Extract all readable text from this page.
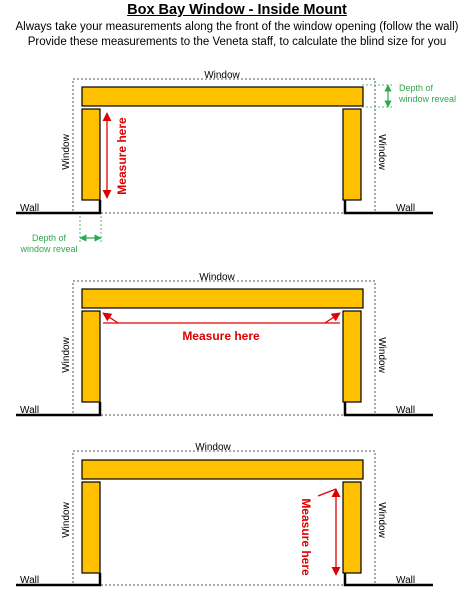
Box Bay Window - Inside Mount
Always take your measurements along the front of the window opening (follow the wall)
Provide these measurements to the Veneta staff, to calculate the blind size for you
Window
Window	Window
Wall	Wall
Measure here
Depth of
window reveal
Depth of
window reveal
Window
Window	Window
Wall	Wall
Measure here
Window
Window	Window
Wall	Wall
Measure here
